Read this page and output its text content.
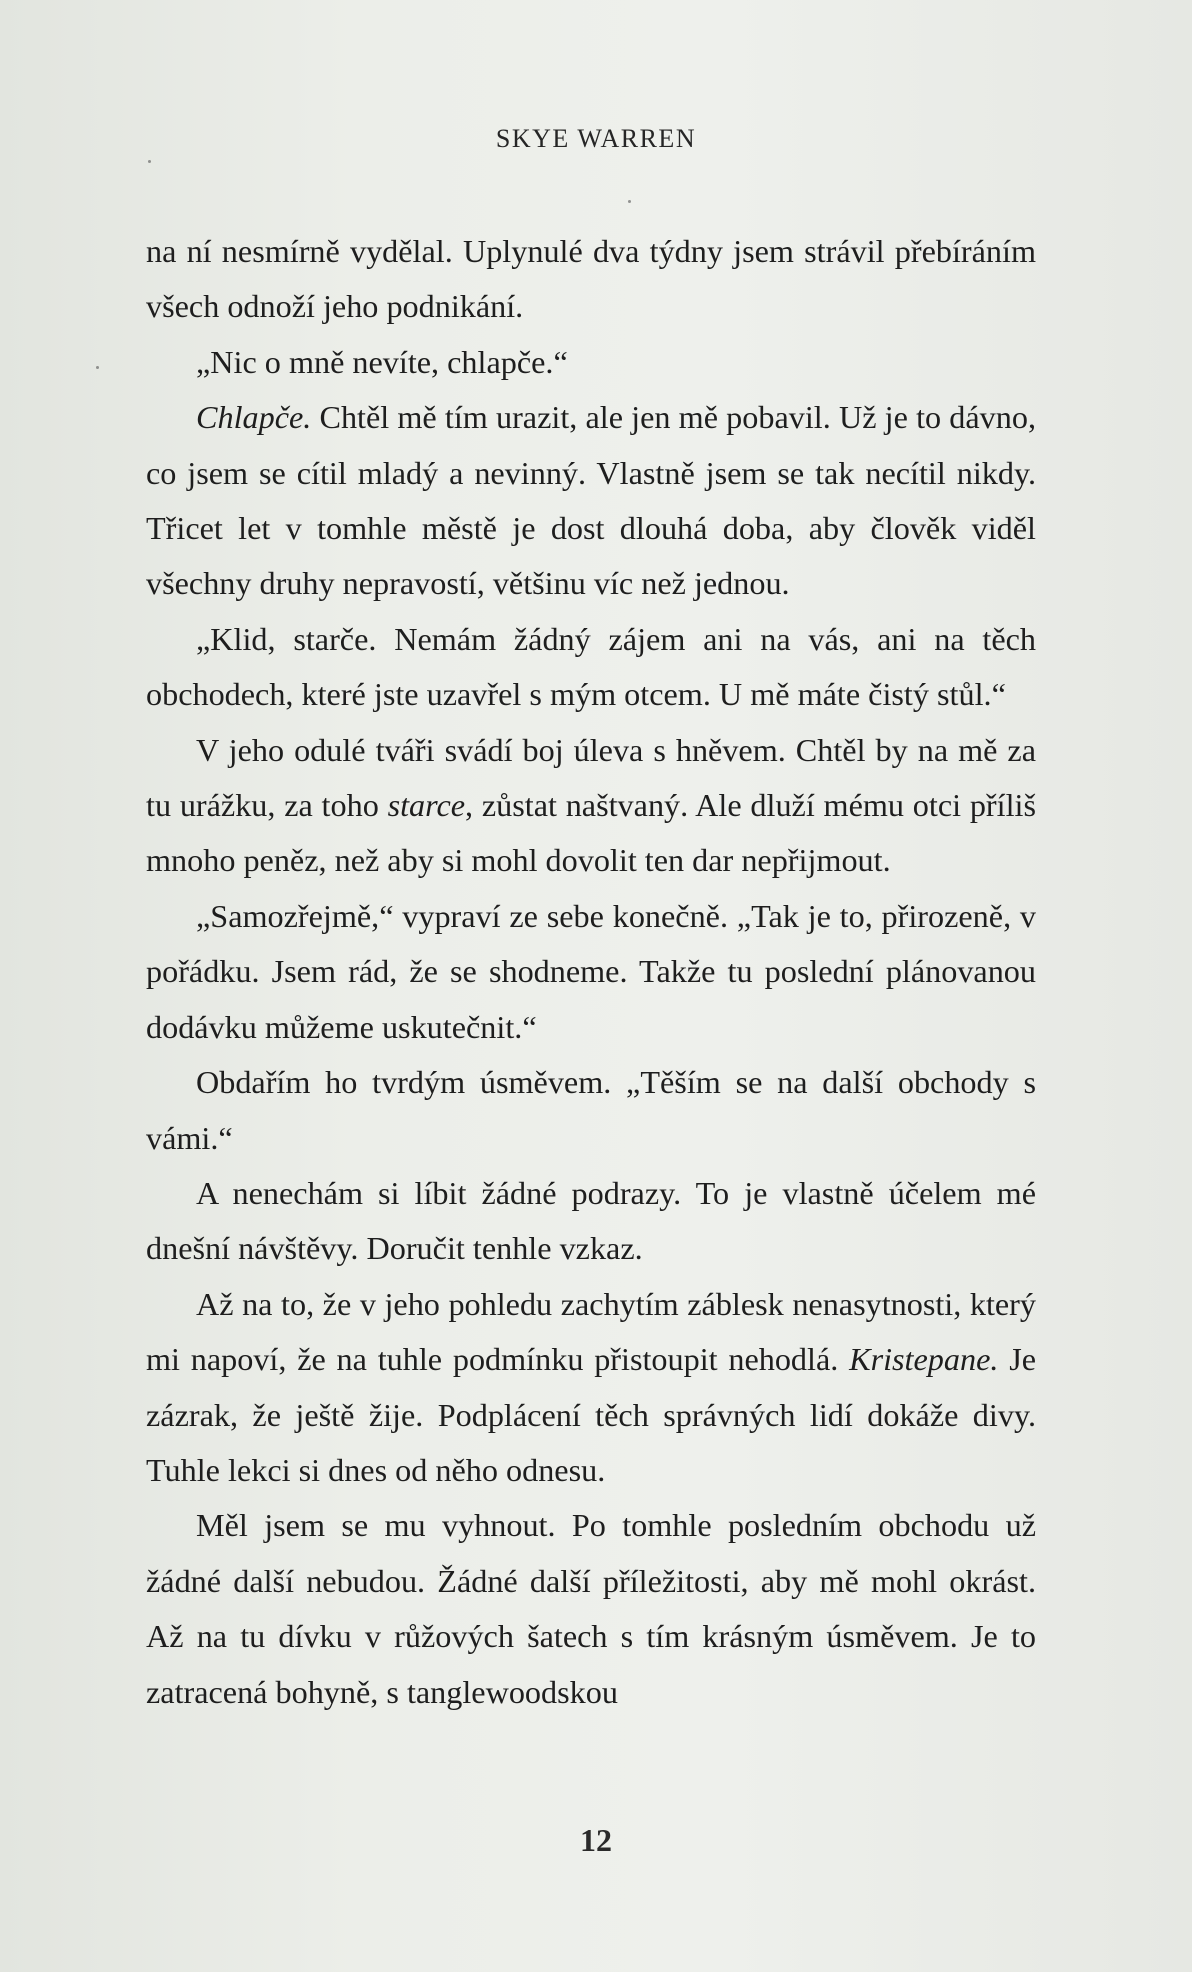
SKYE WARREN

na ní nesmírně vydělal. Uplynulé dva týdny jsem strávil přebíráním všech odnoží jeho podnikání.

„Nic o mně nevíte, chlapče.“

Chlapče. Chtěl mě tím urazit, ale jen mě pobavil. Už je to dávno, co jsem se cítil mladý a nevinný. Vlastně jsem se tak necítil nikdy. Třicet let v tomhle městě je dost dlouhá doba, aby člověk viděl všechny druhy nepravostí, většinu víc než jednou.

„Klid, starče. Nemám žádný zájem ani na vás, ani na těch obchodech, které jste uzavřel s mým otcem. U mě máte čistý stůl.“

V jeho odulé tváři svádí boj úleva s hněvem. Chtěl by na mě za tu urážku, za toho starce, zůstat naštvaný. Ale dluží mému otci příliš mnoho peněz, než aby si mohl dovolit ten dar nepřijmout.

„Samozřejmě,“ vypraví ze sebe konečně. „Tak je to, přirozeně, v pořádku. Jsem rád, že se shodneme. Takže tu poslední plánovanou dodávku můžeme uskutečnit.“

Obdařím ho tvrdým úsměvem. „Těším se na další obchody s vámi.“

A nenechám si líbit žádné podrazy. To je vlastně účelem mé dnešní návštěvy. Doručit tenhle vzkaz.

Až na to, že v jeho pohledu zachytím záblesk nenasytnosti, který mi napoví, že na tuhle podmínku přistoupit nehodlá. Kristepane. Je zázrak, že ještě žije. Podplácení těch správných lidí dokáže divy. Tuhle lekci si dnes od něho odnesu.

Měl jsem se mu vyhnout. Po tomhle posledním obchodu už žádné další nebudou. Žádné další příležitosti, aby mě mohl okrást. Až na tu dívku v růžových šatech s tím krásným úsměvem. Je to zatracená bohyně, s tanglewoodskou

12
